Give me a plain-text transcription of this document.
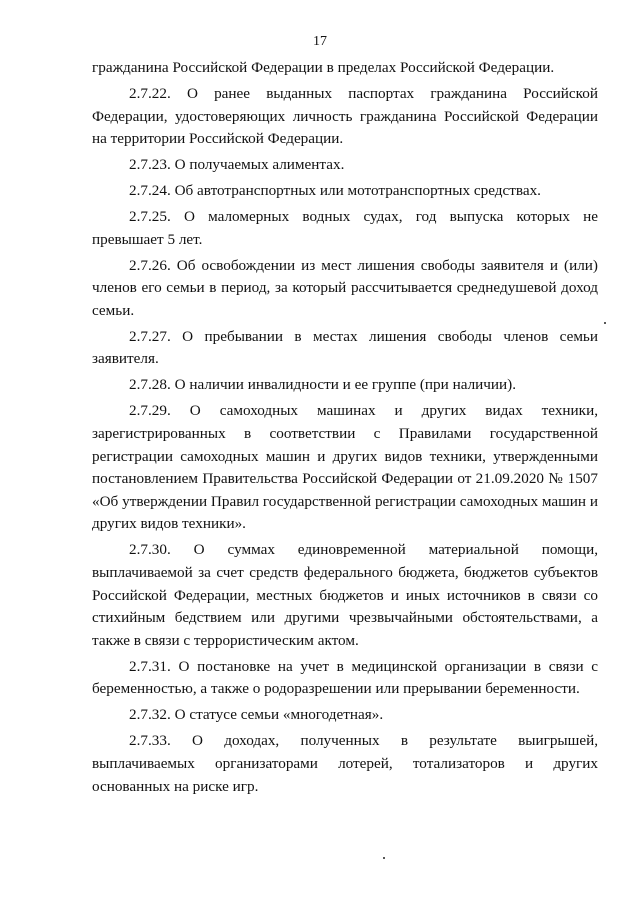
17

гражданина Российской Федерации в пределах Российской Федерации.

2.7.22. О ранее выданных паспортах гражданина Российской Федерации, удостоверяющих личность гражданина Российской Федерации на территории Российской Федерации.

2.7.23. О получаемых алиментах.

2.7.24. Об автотранспортных или мототранспортных средствах.

2.7.25. О маломерных водных судах, год выпуска которых не превышает 5 лет.

2.7.26. Об освобождении из мест лишения свободы заявителя и (или) членов его семьи в период, за который рассчитывается среднедушевой доход семьи.

2.7.27. О пребывании в местах лишения свободы членов семьи заявителя.

2.7.28. О наличии инвалидности и ее группе (при наличии).

2.7.29. О самоходных машинах и других видах техники, зарегистрированных в соответствии с Правилами государственной регистрации самоходных машин и других видов техники, утвержденными постановлением Правительства Российской Федерации от 21.09.2020 № 1507 «Об утверждении Правил государственной регистрации самоходных машин и других видов техники».

2.7.30. О суммах единовременной материальной помощи, выплачиваемой за счет средств федерального бюджета, бюджетов субъектов Российской Федерации, местных бюджетов и иных источников в связи со стихийным бедствием или другими чрезвычайными обстоятельствами, а также в связи с террористическим актом.

2.7.31. О постановке на учет в медицинской организации в связи с беременностью, а также о родоразрешении или прерывании беременности.

2.7.32. О статусе семьи «многодетная».

2.7.33. О доходах, полученных в результате выигрышей, выплачиваемых организаторами лотерей, тотализаторов и других основанных на риске игр.
